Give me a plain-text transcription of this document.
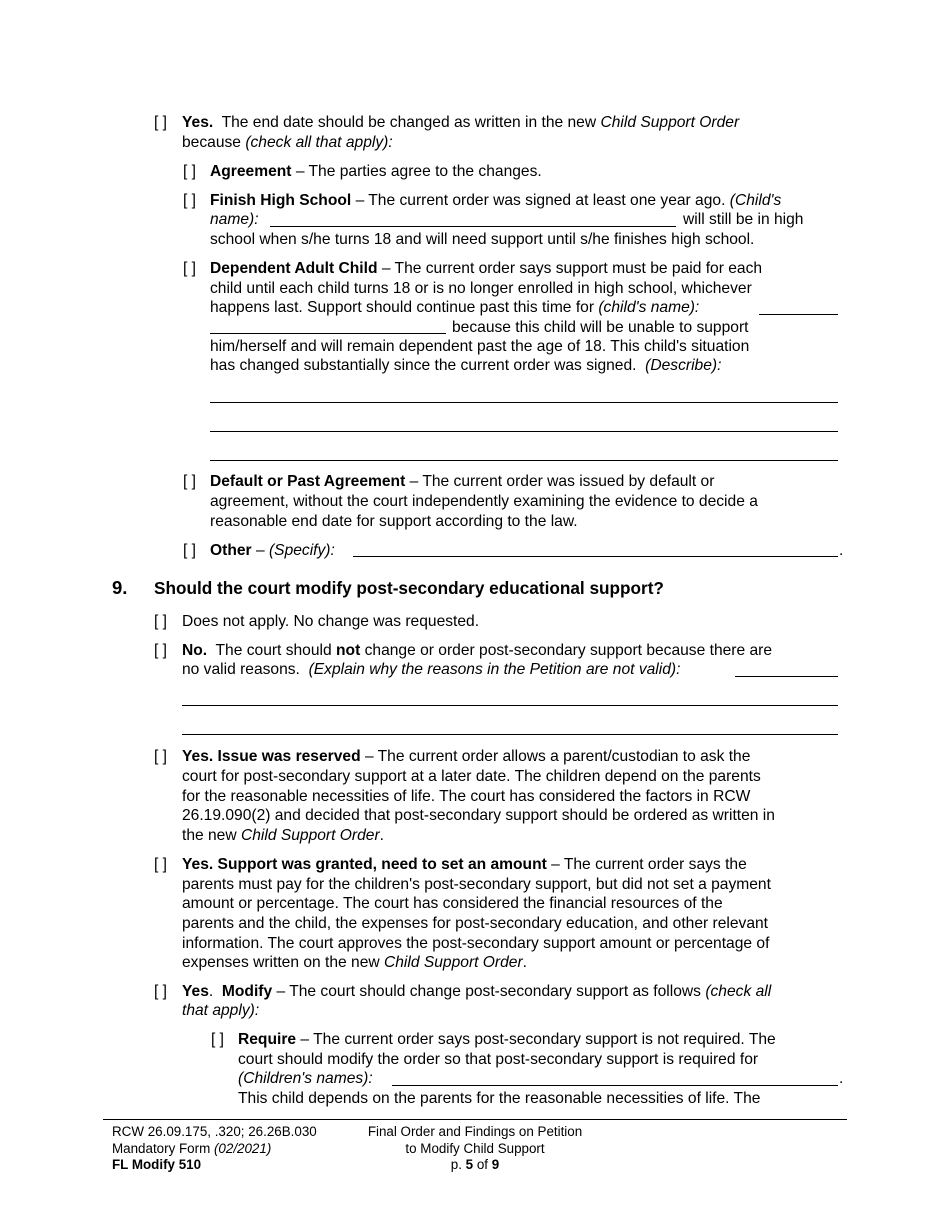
[ ] Yes. The end date should be changed as written in the new Child Support Order
because (check all that apply):
[ ] Agreement – The parties agree to the changes.
[ ] Finish High School – The current order was signed at least one year ago. (Child's
name):	will still be in high
school when s/he turns 18 and will need support until s/he finishes high school.
[ ] Dependent Adult Child – The current order says support must be paid for each
child until each child turns 18 or is no longer enrolled in high school, whichever
happens last. Support should continue past this time for (child's name):
because this child will be unable to support
him/herself and will remain dependent past the age of 18. This child's situation
has changed substantially since the current order was signed. (Describe):
[ ] Default or Past Agreement – The current order was issued by default or
agreement, without the court independently examining the evidence to decide a
reasonable end date for support according to the law.
[ ] Other – (Specify):	.
9. Should the court modify post-secondary educational support?
[ ] Does not apply. No change was requested.
[ ] No. The court should not change or order post-secondary support because there are
no valid reasons. (Explain why the reasons in the Petition are not valid):
[ ] Yes. Issue was reserved – The current order allows a parent/custodian to ask the
court for post-secondary support at a later date. The children depend on the parents
for the reasonable necessities of life. The court has considered the factors in RCW
26.19.090(2) and decided that post-secondary support should be ordered as written in
the new Child Support Order.
[ ] Yes. Support was granted, need to set an amount – The current order says the
parents must pay for the children's post-secondary support, but did not set a payment
amount or percentage. The court has considered the financial resources of the
parents and the child, the expenses for post-secondary education, and other relevant
information. The court approves the post-secondary support amount or percentage of
expenses written on the new Child Support Order.
[ ] Yes. Modify – The court should change post-secondary support as follows (check all
that apply):
[ ] Require – The current order says post-secondary support is not required. The
court should modify the order so that post-secondary support is required for
(Children's names):	.
This child depends on the parents for the reasonable necessities of life. The
RCW 26.09.175, .320; 26.26B.030
Mandatory Form (02/2021)
FL Modify 510
Final Order and Findings on Petition
to Modify Child Support
p. 5 of 9
